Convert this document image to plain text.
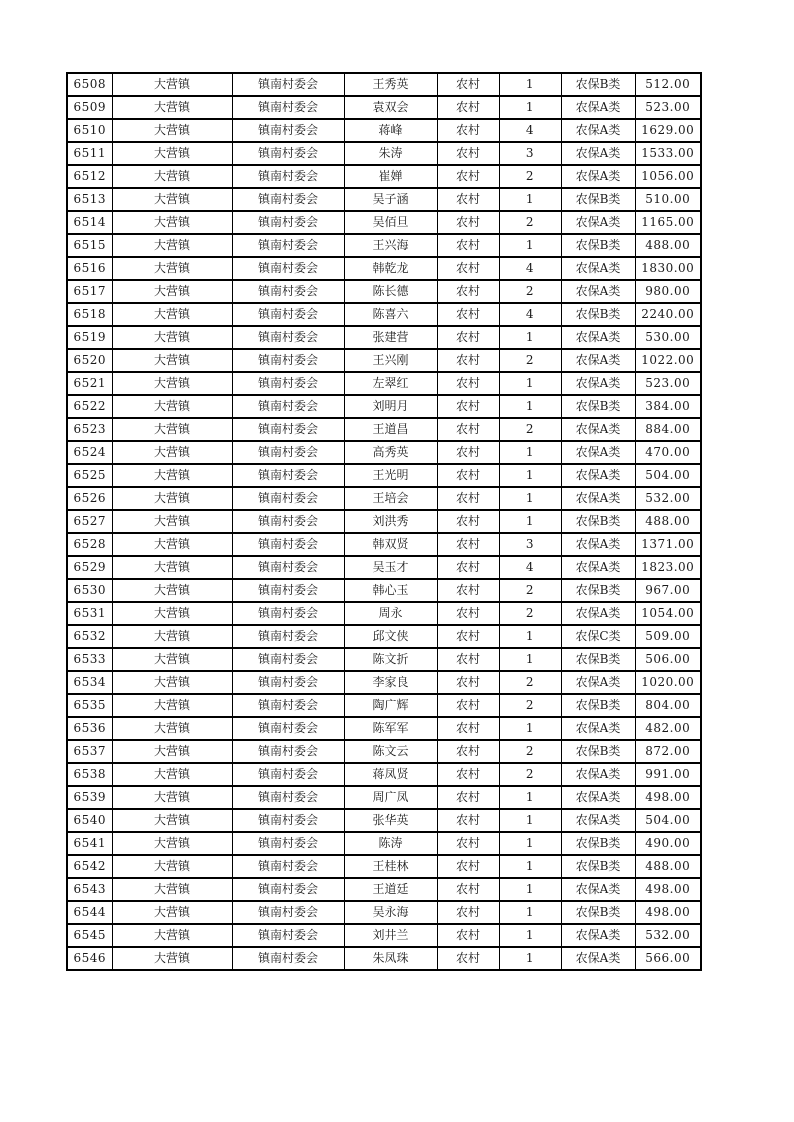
6508	大营镇	镇南村委会	王秀英	农村	1	农保B类	512.00
6509	大营镇	镇南村委会	袁双会	农村	1	农保A类	523.00
6510	大营镇	镇南村委会	蒋峰	农村	4	农保A类	1629.00
6511	大营镇	镇南村委会	朱涛	农村	3	农保A类	1533.00
6512	大营镇	镇南村委会	崔婵	农村	2	农保A类	1056.00
6513	大营镇	镇南村委会	吴子涵	农村	1	农保B类	510.00
6514	大营镇	镇南村委会	吴佰旦	农村	2	农保A类	1165.00
6515	大营镇	镇南村委会	王兴海	农村	1	农保B类	488.00
6516	大营镇	镇南村委会	韩乾龙	农村	4	农保A类	1830.00
6517	大营镇	镇南村委会	陈长德	农村	2	农保A类	980.00
6518	大营镇	镇南村委会	陈喜六	农村	4	农保B类	2240.00
6519	大营镇	镇南村委会	张建营	农村	1	农保A类	530.00
6520	大营镇	镇南村委会	王兴刚	农村	2	农保A类	1022.00
6521	大营镇	镇南村委会	左翠红	农村	1	农保A类	523.00
6522	大营镇	镇南村委会	刘明月	农村	1	农保B类	384.00
6523	大营镇	镇南村委会	王道昌	农村	2	农保A类	884.00
6524	大营镇	镇南村委会	高秀英	农村	1	农保A类	470.00
6525	大营镇	镇南村委会	王光明	农村	1	农保A类	504.00
6526	大营镇	镇南村委会	王培会	农村	1	农保A类	532.00
6527	大营镇	镇南村委会	刘洪秀	农村	1	农保B类	488.00
6528	大营镇	镇南村委会	韩双贤	农村	3	农保A类	1371.00
6529	大营镇	镇南村委会	吴玉才	农村	4	农保A类	1823.00
6530	大营镇	镇南村委会	韩心玉	农村	2	农保B类	967.00
6531	大营镇	镇南村委会	周永	农村	2	农保A类	1054.00
6532	大营镇	镇南村委会	邱文侠	农村	1	农保C类	509.00
6533	大营镇	镇南村委会	陈文折	农村	1	农保B类	506.00
6534	大营镇	镇南村委会	李家良	农村	2	农保A类	1020.00
6535	大营镇	镇南村委会	陶广辉	农村	2	农保B类	804.00
6536	大营镇	镇南村委会	陈军军	农村	1	农保A类	482.00
6537	大营镇	镇南村委会	陈文云	农村	2	农保B类	872.00
6538	大营镇	镇南村委会	蒋凤贤	农村	2	农保A类	991.00
6539	大营镇	镇南村委会	周广凤	农村	1	农保A类	498.00
6540	大营镇	镇南村委会	张华英	农村	1	农保A类	504.00
6541	大营镇	镇南村委会	陈涛	农村	1	农保B类	490.00
6542	大营镇	镇南村委会	王桂林	农村	1	农保B类	488.00
6543	大营镇	镇南村委会	王道廷	农村	1	农保A类	498.00
6544	大营镇	镇南村委会	吴永海	农村	1	农保B类	498.00
6545	大营镇	镇南村委会	刘井兰	农村	1	农保A类	532.00
6546	大营镇	镇南村委会	朱凤珠	农村	1	农保A类	566.00
